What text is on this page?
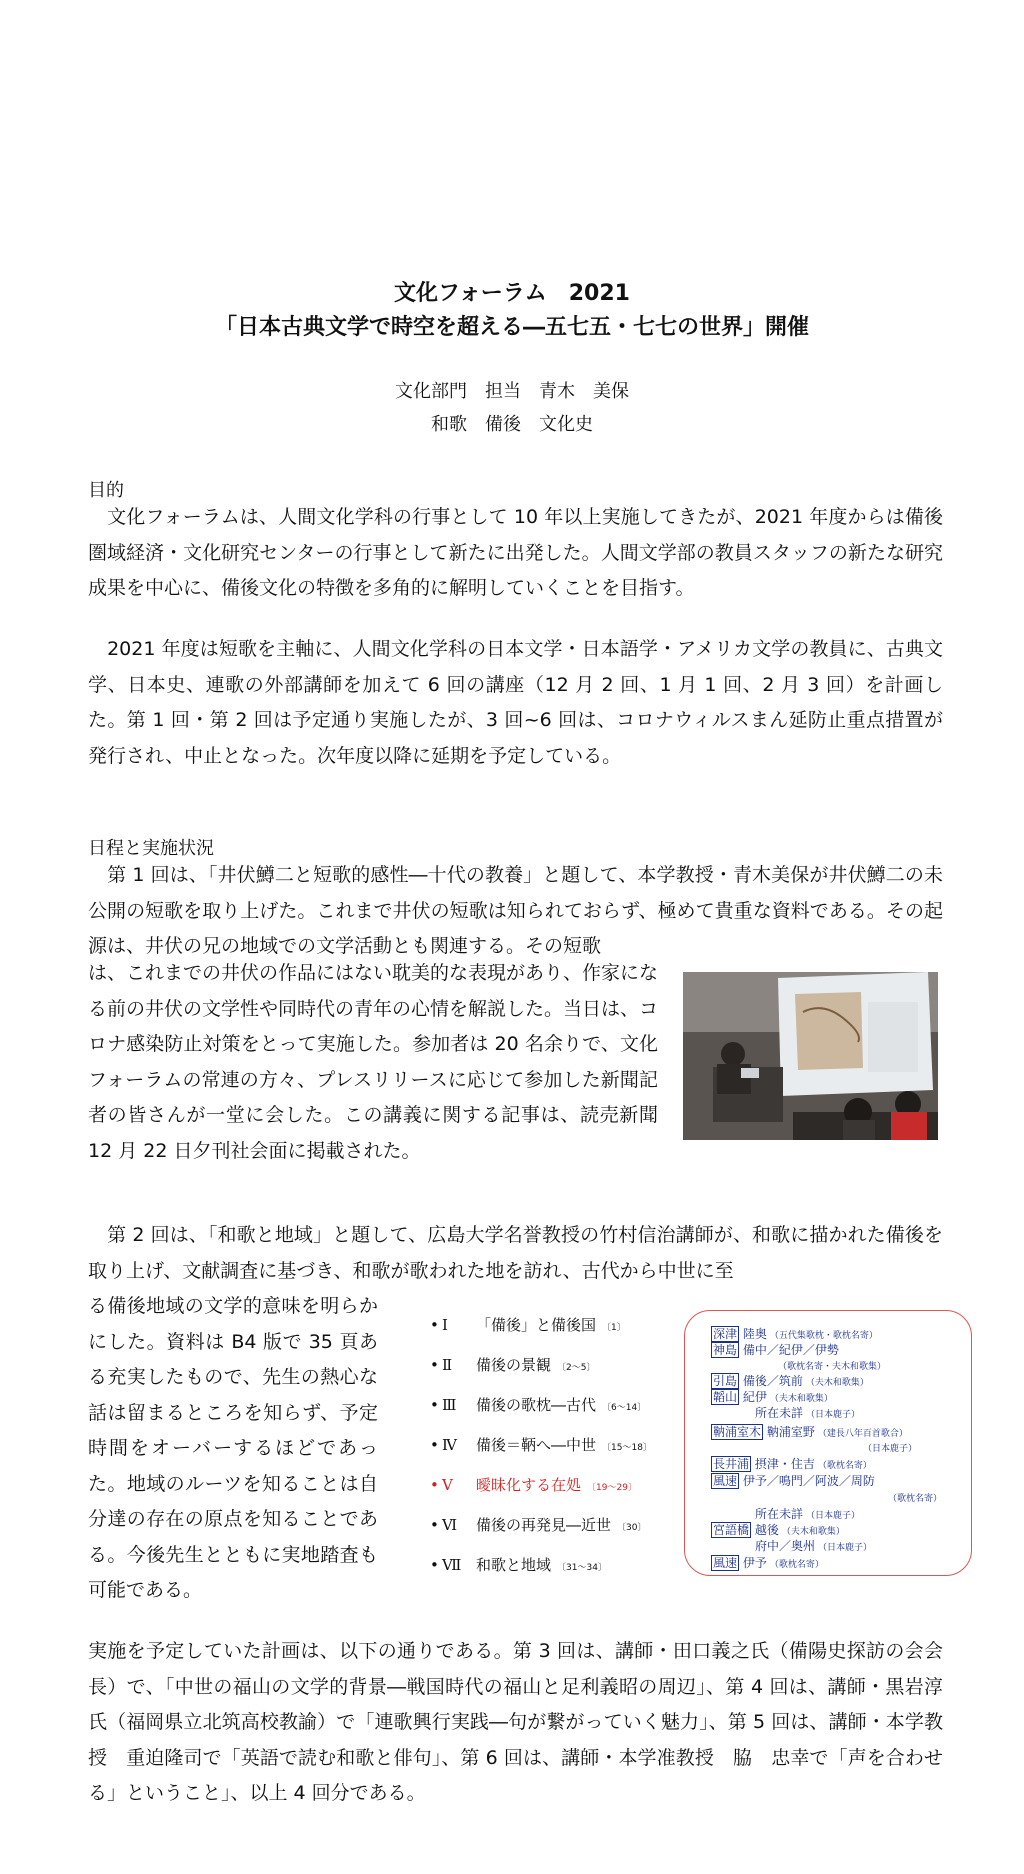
文化フォーラム　2021
「日本古典文学で時空を超える―五七五・七七の世界」開催
文化部門　担当　青木　美保
和歌　備後　文化史
目的

　文化フォーラムは、人間文化学科の行事として 10 年以上実施してきたが、2021 年度からは備後圏域経済・文化研究センターの行事として新たに出発した。人間文学部の教員スタッフの新たな研究成果を中心に、備後文化の特徴を多角的に解明していくことを目指す。

　2021 年度は短歌を主軸に、人間文化学科の日本文学・日本語学・アメリカ文学の教員に、古典文学、日本史、連歌の外部講師を加えて 6 回の講座（12 月 2 回、1 月 1 回、2 月 3 回）を計画した。第 1 回・第 2 回は予定通り実施したが、3 回~6 回は、コロナウィルスまん延防止重点措置が発行され、中止となった。次年度以降に延期を予定している。

日程と実施状況

　第 1 回は、「井伏鱒二と短歌的感性―十代の教養」と題して、本学教授・青木美保が井伏鱒二の未公開の短歌を取り上げた。これまで井伏の短歌は知られておらず、極めて貴重な資料である。その起源は、井伏の兄の地域での文学活動とも関連する。その短歌

は、これまでの井伏の作品にはない耽美的な表現があり、作家になる前の井伏の文学性や同時代の青年の心情を解説した。当日は、コロナ感染防止対策をとって実施した。参加者は 20 名余りで、文化フォーラムの常連の方々、プレスリリースに応じて参加した新聞記者の皆さんが一堂に会した。この講義に関する記事は、読売新聞 12 月 22 日夕刊社会面に掲載された。

　第 2 回は、「和歌と地域」と題して、広島大学名誉教授の竹村信治講師が、和歌に描かれた備後を取り上げ、文献調査に基づき、和歌が歌われた地を訪れ、古代から中世に至

る備後地域の文学的意味を明らかにした。資料は B4 版で 35 頁ある充実したもので、先生の熱心な話は留まるところを知らず、予定時間をオーバーするほどであった。地域のルーツを知ることは自分達の存在の原点を知ることである。今後先生とともに実地踏査も可能である。

• Ⅰ 「備後」と備後国 〔1〕
• Ⅱ 備後の景観 〔2〜5〕
• Ⅲ 備後の歌枕―古代 〔6〜14〕
• Ⅳ 備後＝鞆へ―中世 〔15〜18〕
• Ⅴ 曖昧化する在処 〔19〜29〕
• Ⅵ 備後の再発見―近世 〔30〕
• Ⅶ 和歌と地域 〔31〜34〕
深津 陸奥 （五代集歌枕・歌枕名寄）
神島 備中／紀伊／伊勢
（歌枕名寄・夫木和歌集）
引島 備後／筑前 （夫木和歌集）
韜山 紀伊 （夫木和歌集）
所在未詳 （日本鹿子）
靹浦室木 靹浦室野 （建長八年百首歌合）
（日本鹿子）
長井浦 摂津・住吉 （歌枕名寄）
風速 伊予／鳴門／阿波／周防
（歌枕名寄）
所在未詳 （日本鹿子）
宮語橋 越後 （夫木和歌集）
府中／奥州 （日本鹿子）
風速 伊予 （歌枕名寄）

実施を予定していた計画は、以下の通りである。第 3 回は、講師・田口義之氏（備陽史探訪の会会長）で、「中世の福山の文学的背景―戦国時代の福山と足利義昭の周辺」、第 4 回は、講師・黒岩淳氏（福岡県立北筑高校教諭）で「連歌興行実践―句が繋がっていく魅力」、第 5 回は、講師・本学教授　重迫隆司で「英語で読む和歌と俳句」、第 6 回は、講師・本学准教授　脇　忠幸で「声を合わせる」ということ」、以上 4 回分である。
